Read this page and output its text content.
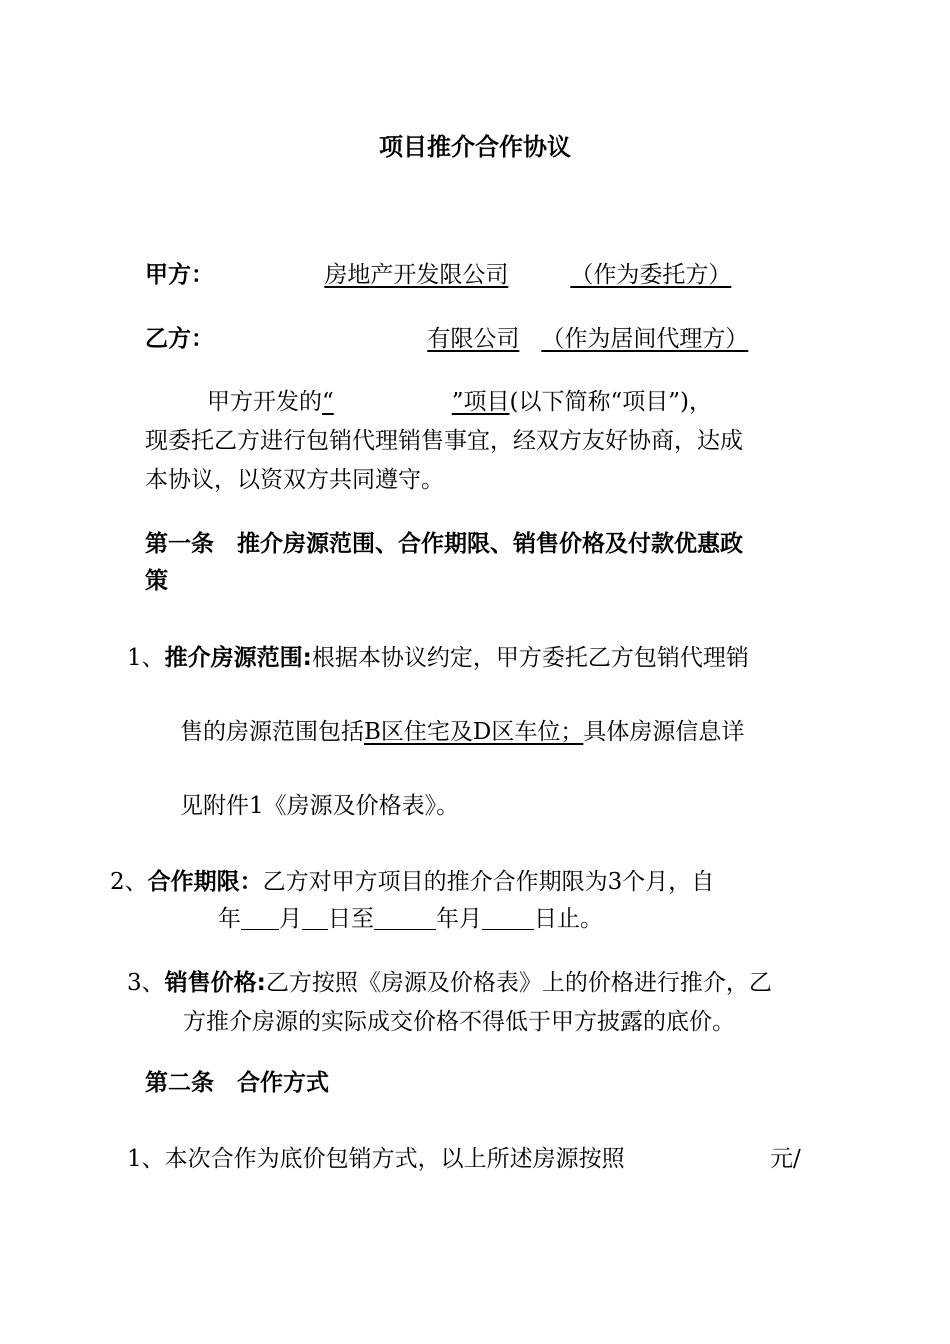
项目推介合作协议
甲方：	房地产开发限公司	（作为委托方）
乙方：	有限公司 （作为居间代理方）
甲方开发的“	”项目(以下简称“项目”)，
现委托乙方进行包销代理销售事宜，经双方友好协商，达成
本协议，以资双方共同遵守。
第一条　推介房源范围、合作期限、销售价格及付款优惠政
策
1、推介房源范围:根据本协议约定，甲方委托乙方包销代理销
售的房源范围包括B区住宅及D区车位；具体房源信息详
见附件1《房源及价格表》。
2、合作期限：乙方对甲方项目的推介合作期限为3个月，自
年 月 日至	年月 日止。
3、销售价格:乙方按照《房源及价格表》上的价格进行推介，乙
方推介房源的实际成交价格不得低于甲方披露的底价。
第二条　合作方式
1、本次合作为底价包销方式，以上所述房源按照	元/
